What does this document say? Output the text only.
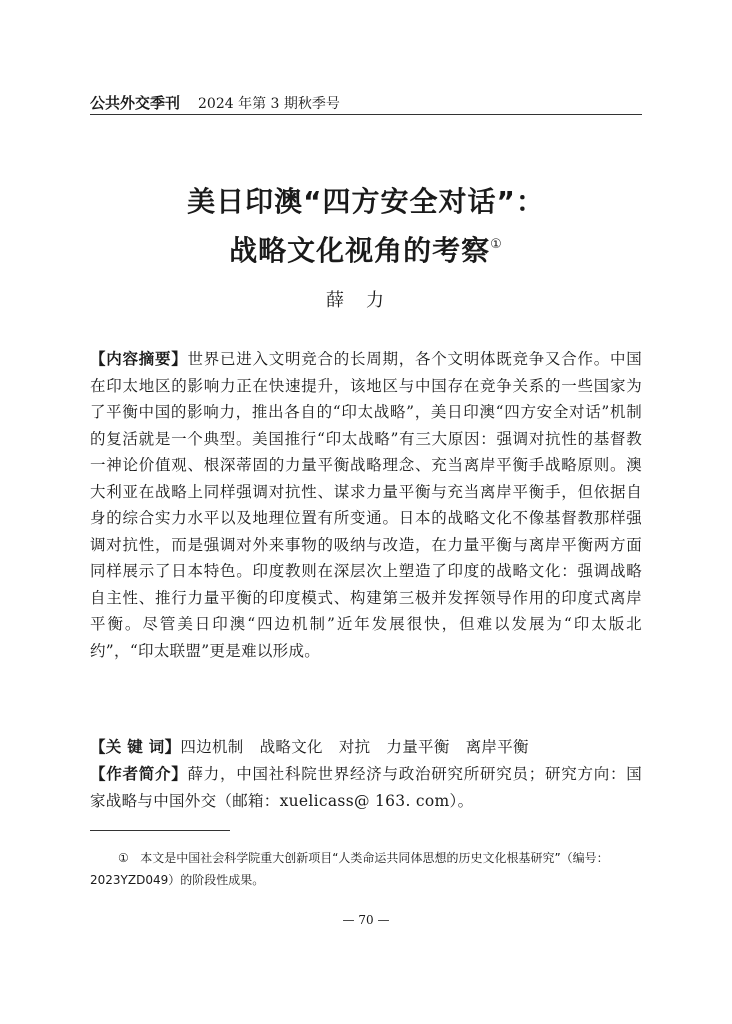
公共外交季刊 2024 年第 3 期秋季号
美日印澳“四方安全对话”：
战略文化视角的考察①
薛力
【内容摘要】世界已进入文明竞合的长周期，各个文明体既竞争又合作。中国在印太地区的影响力正在快速提升，该地区与中国存在竞争关系的一些国家为了平衡中国的影响力，推出各自的“印太战略”，美日印澳“四方安全对话”机制的复活就是一个典型。美国推行“印太战略”有三大原因：强调对抗性的基督教一神论价值观、根深蒂固的力量平衡战略理念、充当离岸平衡手战略原则。澳大利亚在战略上同样强调对抗性、谋求力量平衡与充当离岸平衡手，但依据自身的综合实力水平以及地理位置有所变通。日本的战略文化不像基督教那样强调对抗性，而是强调对外来事物的吸纳与改造，在力量平衡与离岸平衡两方面同样展示了日本特色。印度教则在深层次上塑造了印度的战略文化：强调战略自主性、推行力量平衡的印度模式、构建第三极并发挥领导作用的印度式离岸平衡。尽管美日印澳“四边机制”近年发展很快，但难以发展为“印太版北约”，“印太联盟”更是难以形成。
【关 键 词】四边机制 战略文化 对抗 力量平衡 离岸平衡
【作者简介】薛力，中国社科院世界经济与政治研究所研究员；研究方向：国家战略与中国外交（邮箱：xuelicass@ 163. com）。
① 本文是中国社会科学院重大创新项目“人类命运共同体思想的历史文化根基研究”（编号：2023YZD049）的阶段性成果。
— 70 —
